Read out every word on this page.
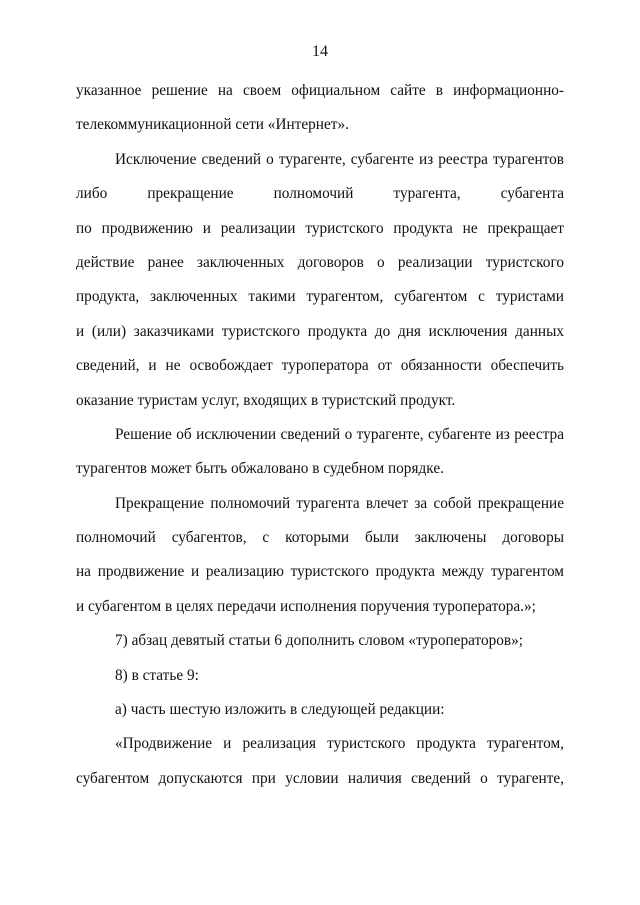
14
указанное решение на своем официальном сайте в информационно-
телекоммуникационной сети «Интернет».
Исключение сведений о турагенте, субагенте из реестра турагентов
либо прекращение полномочий турагента, субагента
по продвижению и реализации туристского продукта не прекращает
действие ранее заключенных договоров о реализации туристского
продукта, заключенных такими турагентом, субагентом с туристами
и (или) заказчиками туристского продукта до дня исключения данных
сведений, и не освобождает туроператора от обязанности обеспечить
оказание туристам услуг, входящих в туристский продукт.
Решение об исключении сведений о турагенте, субагенте из реестра
турагентов может быть обжаловано в судебном порядке.
Прекращение полномочий турагента влечет за собой прекращение
полномочий субагентов, с которыми были заключены договоры
на продвижение и реализацию туристского продукта между турагентом
и субагентом в целях передачи исполнения поручения туроператора.»;
7) абзац девятый статьи 6 дополнить словом «туроператоров»;
8) в статье 9:
а) часть шестую изложить в следующей редакции:
«Продвижение и реализация туристского продукта турагентом,
субагентом допускаются при условии наличия сведений о турагенте,
